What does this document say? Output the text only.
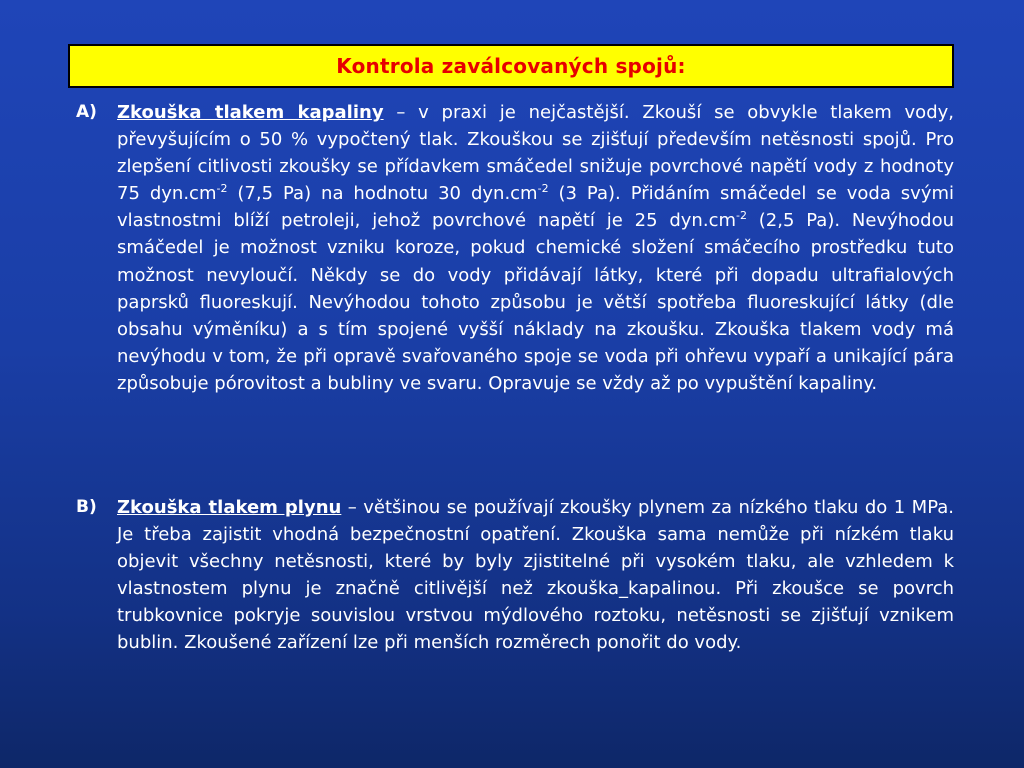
Kontrola zaválcovaných spojů:
A)	Zkouška tlakem kapaliny – v praxi je nejčastější. Zkouší se obvykle tlakem vody, převyšujícím o 50 % vypočtený tlak. Zkouškou se zjišťují především netěsnosti spojů. Pro zlepšení citlivosti zkoušky se přídavkem smáčedel snižuje povrchové napětí vody z hodnoty 75 $dyn.cm^{-2}$ (7,5 Pa) na hodnotu 30 $dyn.cm^{-2}$ (3 Pa). Přidáním smáčedel se voda svými vlastnostmi blíží petroleji, jehož povrchové napětí je 25 $dyn.cm^{-2}$ (2,5 Pa). Nevýhodou smáčedel je možnost vzniku koroze, pokud chemické složení smáčecího prostředku tuto možnost nevyloučí. Někdy se do vody přidávají látky, které při dopadu ultrafialových paprsků fluoreskují. Nevýhodou tohoto způsobu je větší spotřeba fluoreskující látky (dle obsahu výměníku) a s tím spojené vyšší náklady na zkoušku. Zkouška tlakem vody má nevýhodu v tom, že při opravě svařovaného spoje se voda při ohřevu vypaří a unikající pára způsobuje pórovitost a bubliny ve svaru. Opravuje se vždy až po vypuštění kapaliny.
B)	Zkouška tlakem plynu – většinou se používají zkoušky plynem za nízkého tlaku do 1 MPa. Je třeba zajistit vhodná bezpečnostní opatření. Zkouška sama nemůže při nízkém tlaku objevit všechny netěsnosti, které by byly zjistitelné při vysokém tlaku, ale vzhledem k vlastnostem plynu je značně citlivější než zkouška_kapalinou. Při zkoušce se povrch trubkovnice pokryje souvislou vrstvou mýdlového roztoku, netěsnosti se zjišťují vznikem bublin. Zkoušené zařízení lze při menších rozměrech ponořit do vody.
